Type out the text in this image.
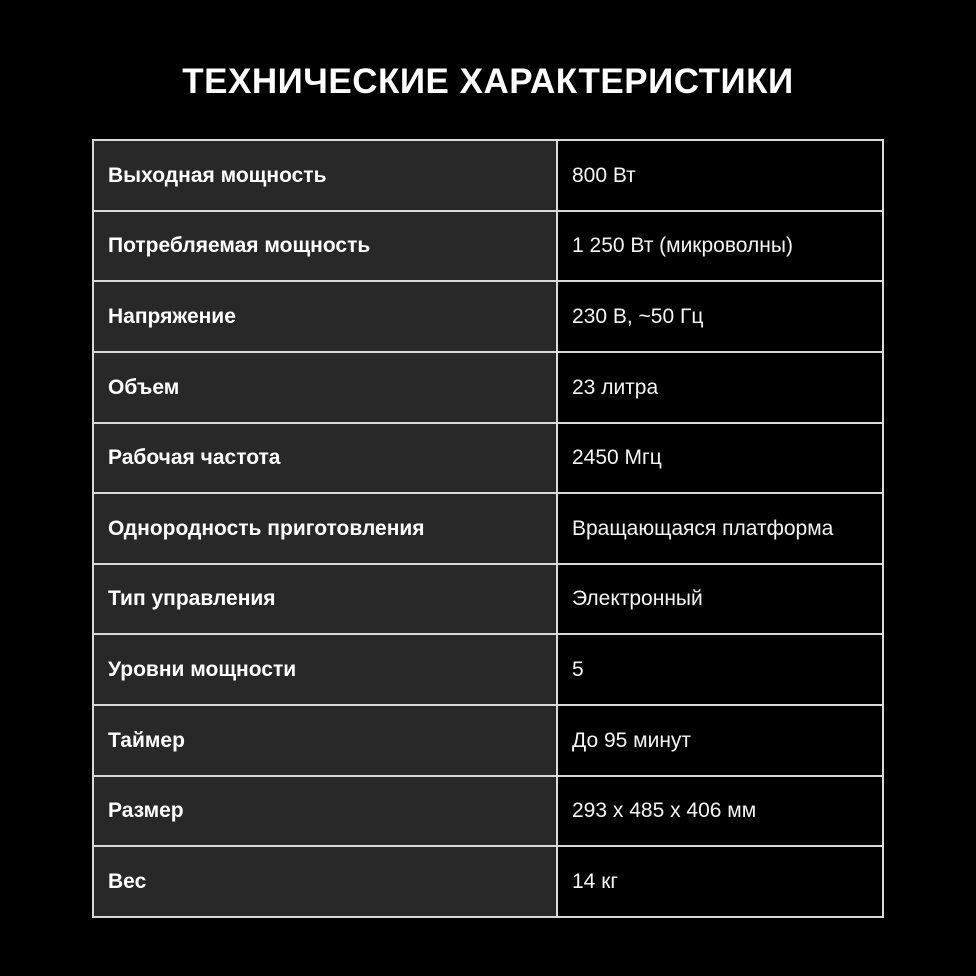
ТЕХНИЧЕСКИЕ ХАРАКТЕРИСТИКИ
Выходная мощность	800 Вт
Потребляемая мощность	1 250 Вт (микроволны)
Напряжение	230 В, ~50 Гц
Объем	23 литра
Рабочая частота	2450 Мгц
Однородность приготовления	Вращающаяся платформа
Тип управления	Электронный
Уровни мощности	5
Таймер	До 95 минут
Размер	293 x 485 x 406 мм
Вес	14 кг
